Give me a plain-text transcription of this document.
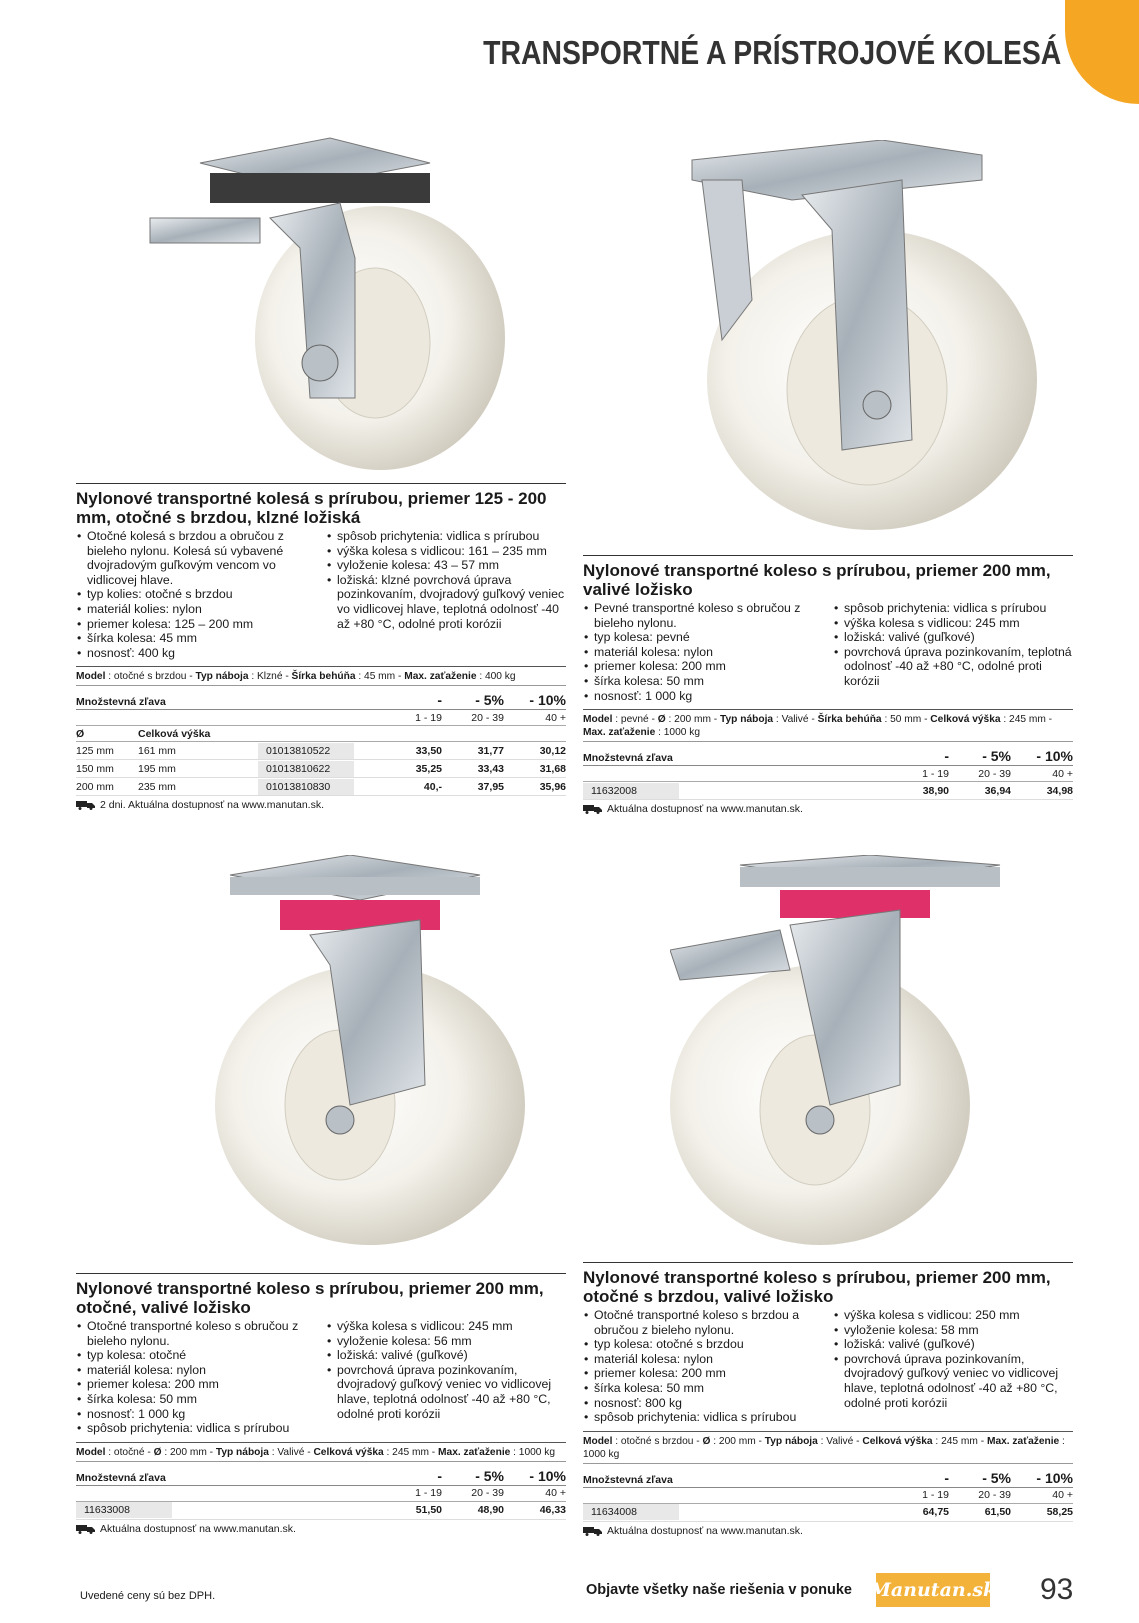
TRANSPORTNÉ A PRÍSTROJOVÉ KOLESÁ
Nylonové transportné kolesá s prírubou, priemer 125 - 200 mm, otočné s brzdou, klzné ložiská
• Otočné kolesá s brzdou a obručou z bieleho nylonu. Kolesá sú vybavené dvojradovým guľkovým vencom vo vidlicovej hlave.
• typ kolies: otočné s brzdou
• materiál kolies: nylon
• priemer kolesa: 125 – 200 mm
• šírka kolesa: 45 mm
• nosnosť: 400 kg
• spôsob prichytenia: vidlica s prírubou
• výška kolesa s vidlicou: 161 – 235 mm
• vyloženie kolesa: 43 – 57 mm
• ložiská: klzné povrchová úprava pozinkovaním, dvojradový guľkový veniec vo vidlicovej hlave, teplotná odolnosť -40 až +80 °C, odolné proti korózii
Model : otočné s brzdou - Typ náboja : Klzné - Šírka behúňa : 45 mm - Max. zaťaženie : 400 kg
Množstevná zľava	-	- 5%	- 10%
1 - 19	20 - 39	40 +
Ø	Celková výška
125 mm	161 mm	01013810522	33,50	31,77	30,12
150 mm	195 mm	01013810622	35,25	33,43	31,68
200 mm	235 mm	01013810830	40,-	37,95	35,96
2 dni. Aktuálna dostupnosť na www.manutan.sk.
Nylonové transportné koleso s prírubou, priemer 200 mm, valivé ložisko
• Pevné transportné koleso s obručou z bieleho nylonu.
• typ kolesa: pevné
• materiál kolesa: nylon
• priemer kolesa: 200 mm
• šírka kolesa: 50 mm
• nosnosť: 1 000 kg
• spôsob prichytenia: vidlica s prírubou
• výška kolesa s vidlicou: 245 mm
• ložiská: valivé (guľkové)
• povrchová úprava pozinkovaním, teplotná odolnosť -40 až +80 °C, odolné proti korózii
Model : pevné - Ø : 200 mm - Typ náboja : Valivé - Šírka behúňa : 50 mm - Celková výška : 245 mm - Max. zaťaženie : 1000 kg
Množstevná zľava	-	- 5%	- 10%
1 - 19	20 - 39	40 +
11632008	38,90	36,94	34,98
Aktuálna dostupnosť na www.manutan.sk.
Nylonové transportné koleso s prírubou, priemer 200 mm, otočné, valivé ložisko
• Otočné transportné koleso s obručou z bieleho nylonu.
• typ kolesa: otočné
• materiál kolesa: nylon
• priemer kolesa: 200 mm
• šírka kolesa: 50 mm
• nosnosť: 1 000 kg
• spôsob prichytenia: vidlica s prírubou
• výška kolesa s vidlicou: 245 mm
• vyloženie kolesa: 56 mm
• ložiská: valivé (guľkové)
• povrchová úprava pozinkovaním, dvojradový guľkový veniec vo vidlicovej hlave, teplotná odolnosť -40 až +80 °C, odolné proti korózii
Model : otočné - Ø : 200 mm - Typ náboja : Valivé - Celková výška : 245 mm - Max. zaťaženie : 1000 kg
Množstevná zľava	-	- 5%	- 10%
1 - 19	20 - 39	40 +
11633008	51,50	48,90	46,33
Aktuálna dostupnosť na www.manutan.sk.
Nylonové transportné koleso s prírubou, priemer 200 mm, otočné s brzdou, valivé ložisko
• Otočné transportné koleso s brzdou a obručou z bieleho nylonu.
• typ kolesa: otočné s brzdou
• materiál kolesa: nylon
• priemer kolesa: 200 mm
• šírka kolesa: 50 mm
• nosnosť: 800 kg
• spôsob prichytenia: vidlica s prírubou
• výška kolesa s vidlicou: 250 mm
• vyloženie kolesa: 58 mm
• ložiská: valivé (guľkové)
• povrchová úprava pozinkovaním, dvojradový guľkový veniec vo vidlicovej hlave, teplotná odolnosť -40 až +80 °C, odolné proti korózii
Model : otočné s brzdou - Ø : 200 mm - Typ náboja : Valivé - Celková výška : 245 mm - Max. zaťaženie : 1000 kg
Množstevná zľava	-	- 5%	- 10%
1 - 19	20 - 39	40 +
11634008	64,75	61,50	58,25
Aktuálna dostupnosť na www.manutan.sk.
Uvedené ceny sú bez DPH.	Objavte všetky naše riešenia v ponuke Manutan.sk 93
